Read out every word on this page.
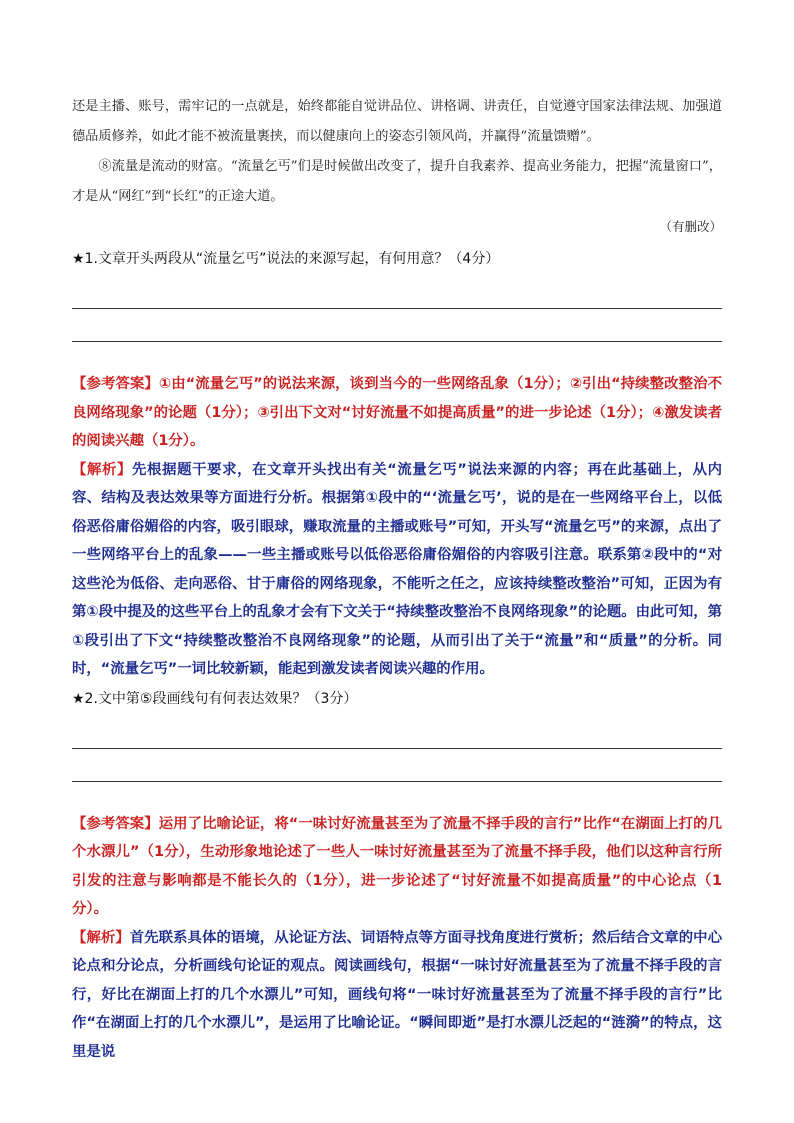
还是主播、账号，需牢记的一点就是，始终都能自觉讲品位、讲格调、讲责任，自觉遵守国家法律法规、加强道德品质修养，如此才能不被流量裹挟，而以健康向上的姿态引领风尚，并赢得“流量馈赠”。

⑧流量是流动的财富。“流量乞丐”们是时候做出改变了，提升自我素养、提高业务能力，把握“流量窗口”，才是从“网红”到“长红”的正途大道。

（有删改）
★1.文章开头两段从“流量乞丐”说法的来源写起，有何用意？（4分）
【参考答案】①由“流量乞丐”的说法来源，谈到当今的一些网络乱象（1分）；②引出“持续整改整治不良网络现象”的论题（1分）；③引出下文对“讨好流量不如提高质量”的进一步论述（1分）；④激发读者的阅读兴趣（1分）。
【解析】先根据题干要求，在文章开头找出有关“流量乞丐”说法来源的内容；再在此基础上，从内容、结构及表达效果等方面进行分析。根据第①段中的“‘流量乞丐’，说的是在一些网络平台上，以低俗恶俗庸俗媚俗的内容，吸引眼球，赚取流量的主播或账号”可知，开头写“流量乞丐”的来源，点出了一些网络平台上的乱象——一些主播或账号以低俗恶俗庸俗媚俗的内容吸引注意。联系第②段中的“对这些沦为低俗、走向恶俗、甘于庸俗的网络现象，不能听之任之，应该持续整改整治”可知，正因为有第①段中提及的这些平台上的乱象才会有下文关于“持续整改整治不良网络现象”的论题。由此可知，第①段引出了下文“持续整改整治不良网络现象”的论题，从而引出了关于“流量”和“质量”的分析。同时，“流量乞丐”一词比较新颖，能起到激发读者阅读兴趣的作用。
★2.文中第⑤段画线句有何表达效果？（3分）
【参考答案】运用了比喻论证，将“一味讨好流量甚至为了流量不择手段的言行”比作“在湖面上打的几个水漂儿”（1分），生动形象地论述了一些人一味讨好流量甚至为了流量不择手段，他们以这种言行所引发的注意与影响都是不能长久的（1分），进一步论述了“讨好流量不如提高质量”的中心论点（1分）。
【解析】首先联系具体的语境，从论证方法、词语特点等方面寻找角度进行赏析；然后结合文章的中心论点和分论点，分析画线句论证的观点。阅读画线句，根据“一味讨好流量甚至为了流量不择手段的言行，好比在湖面上打的几个水漂儿”可知，画线句将“一味讨好流量甚至为了流量不择手段的言行”比作“在湖面上打的几个水漂儿”，是运用了比喻论证。“瞬间即逝”是打水漂儿泛起的“涟漪”的特点，这里是说
